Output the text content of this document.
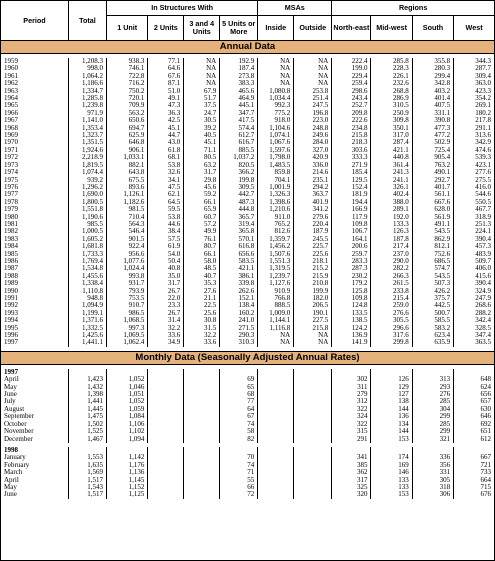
Period	Total	In Structures With				MSAs		Regions			
		1 Unit	2 Units	3 and 4 Units	5 Units or More	Inside	Outside	North-east	Mid-west	South	West
Annual Data											

1959	1,208.3	938.3	77.1	NA	192.9	NA	NA	222.4	285.8	355.8	344.3
1960	998.0	746.1	64.6	NA	187.4	NA	NA	199.0	228.3	280.3	287.7
1961	1,064.2	722.8	67.6	NA	273.8	NA	NA	229.4	226.1	299.4	309.4
1962	1,186.6	716.2	87.1	NA	383.3	NA	NA	259.4	232.6	342.8	363.0
1963	1,334.7	750.2	51.0	67.9	465.6	1,080.8	253.8	298.6	268.8	403.2	423.3
1964	1,285.8	720.1	49.1	51.7	464.9	1,034.4	251.4	243.4	286.9	401.4	354.2
1965	1,239.8	709.9	47.3	37.5	445.1	992.3	247.5	252.7	310.5	407.5	269.1
1966	971.9	563.2	36.3	24.7	347.7	775.2	196.8	209.8	250.9	331.1	180.2
1967	1,141.0	650.6	42.5	30.5	417.5	918.0	223.0	222.6	309.8	390.8	217.8
1968	1,353.4	694.7	45.1	39.2	574.4	1,104.6	248.8	234.8	350.1	477.3	291.1
1969	1,323.7	625.9	44.7	40.5	612.7	1,074.1	249.6	215.8	317.0	477.2	313.6
1970	1,351.5	646.8	43.0	45.1	616.7	1,067.6	284.0	218.3	287.4	502.9	342.9
1971	1,924.6	906.1	61.8	71.1	885.5	1,597.6	327.0	303.6	421.1	725.4	474.6
1972	2,218.9	1,033.1	68.1	80.5	1,037.2	1,798.0	420.9	333.3	440.8	905.4	539.3
1973	1,819.5	882.1	53.8	63.2	820.5	1,483.5	336.0	271.9	361.4	763.2	423.1
1974	1,074.4	643.8	32.6	31.7	366.2	859.8	214.6	185.4	241.3	490.1	277.6
1975	939.2	675.5	34.1	29.8	199.8	704.1	235.1	129.5	241.1	292.7	275.5
1976	1,296.2	893.6	47.5	45.6	309.5	1,001.9	294.2	152.4	326.1	401.7	416.0
1977	1,690.0	1,126.1	62.1	59.2	442.7	1,326.3	363.7	181.9	402.4	561.1	544.6
1978	1,800.5	1,182.6	64.5	66.1	487.3	1,398.6	401.9	194.4	388.0	667.6	550.5
1979	1,551.8	981.5	59.5	65.9	444.8	1,210.6	341.2	166.9	289.1	628.0	467.7
1980	1,190.6	710.4	53.8	60.7	365.7	911.0	279.6	117.9	192.0	561.9	318.9
1981	985.5	564.3	44.6	57.2	319.4	765.2	220.4	109.8	133.3	491.1	251.3
1982	1,000.5	546.4	38.4	49.9	365.8	812.6	187.9	106.7	126.3	543.5	224.1
1983	1,605.2	901.5	57.5	76.1	570.1	1,359.7	245.5	164.1	187.8	862.9	390.4
1984	1,681.8	922.4	61.9	80.7	616.8	1,456.2	225.7	200.6	217.4	812.1	457.3
1985	1,733.3	956.6	54.0	66.1	656.6	1,507.6	225.6	259.7	237.0	752.6	483.9
1986	1,769.4	1,077.6	50.4	58.0	583.5	1,551.3	218.1	283.3	290.0	686.5	509.7
1987	1,534.8	1,024.4	40.8	48.5	421.1	1,319.5	215.2	287.3	282.2	574.7	406.0
1988	1,455.6	993.8	35.0	40.7	386.1	1,239.7	215.9	230.2	266.3	543.5	415.6
1989	1,338.4	931.7	31.7	35.3	339.8	1,127.6	210.8	179.2	261.5	507.3	390.4
1990	1,110.8	793.9	26.7	27.6	262.6	910.9	199.9	125.8	233.8	426.2	324.9
1991	948.8	753.5	22.0	21.1	152.1	766.8	182.0	109.8	215.4	375.7	247.9
1992	1,094.9	910.7	23.3	22.5	138.4	888.5	206.5	124.8	259.0	442.5	268.6
1993	1,199.1	986.5	26.7	25.6	160.2	1,009.0	190.1	133.5	276.6	500.7	288.2
1994	1,371.6	1,068.5	31.4	30.8	241.0	1,144.1	227.5	138.5	305.5	585.5	342.4
1995	1,332.5	997.3	32.2	31.5	271.5	1,116.8	215.8	124.2	296.6	583.2	328.5
1996	1,425.6	1,069.5	33.6	32.2	290.3	NA	NA	136.9	317.6	623.4	347.4
1997	1,441.1	1,062.4	34.9	33.6	310.3	NA	NA	141.9	299.8	635.9	363.5

Monthly Data (Seasonally Adjusted Annual Rates)											

1997											
April	1,423	1,052			69			302	126	313	648
May	1,432	1,046			65			311	129	293	624
June	1,398	1,051			68			279	127	276	656
July	1,441	1,052			77			312	138	285	657
August	1,445	1,059			64			322	144	304	630
September	1,475	1,084			67			324	136	299	646
October	1,502	1,106			74			322	134	285	692
November	1,525	1,102			58			315	144	299	651
December	1,467	1,094			82			291	153	321	612

1998											
January	1,553	1,142			70			341	174	336	667
February	1,635	1,176			74			385	169	356	721
March	1,569	1,136			71			362	146	331	733
April	1,517	1,145			55			317	133	305	664
May	1,543	1,152			66			325	133	318	715
June	1,517	1,125			72			320	153	306	676
